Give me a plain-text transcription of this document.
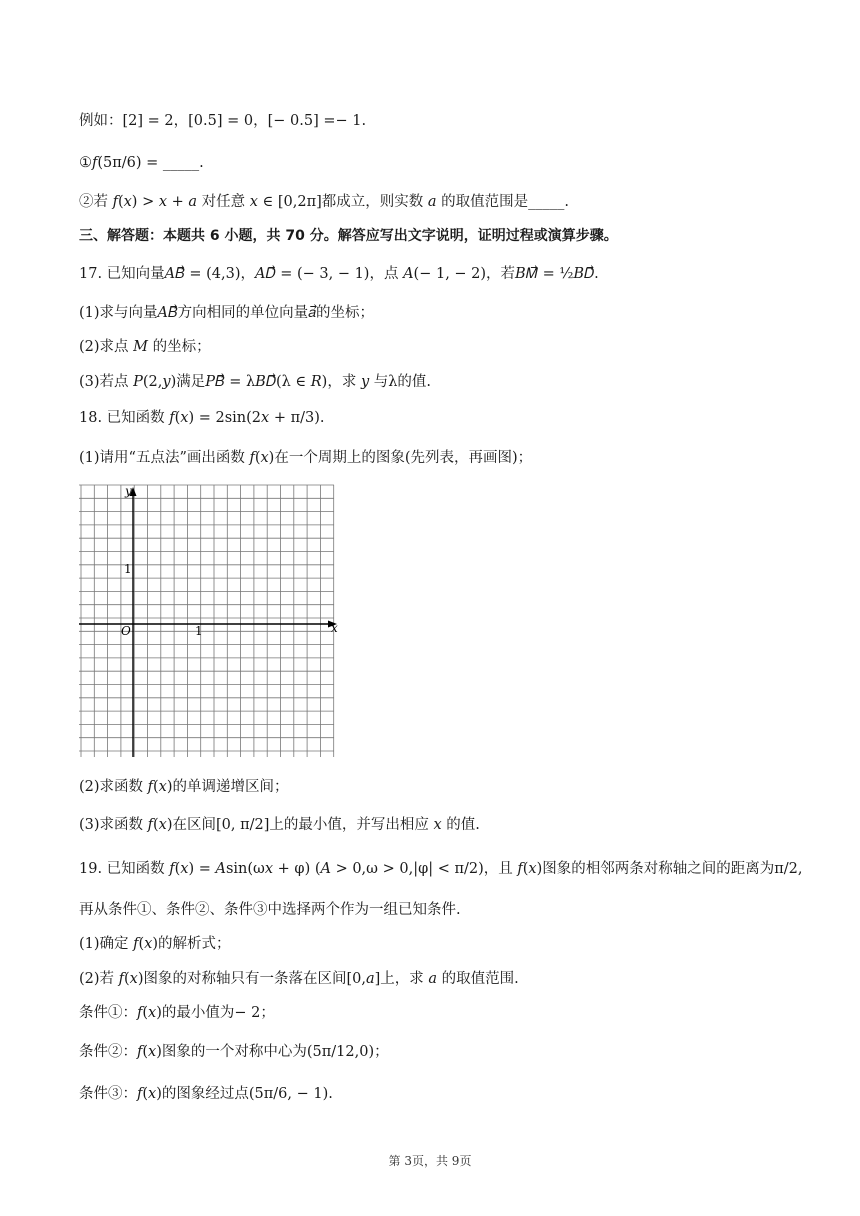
例如：[2] = 2，[0.5] = 0，[− 0.5] =− 1.
①𝑓(5π/6) = _____.
②若 𝑓(𝑥) > 𝑥 + 𝑎 对任意 𝑥 ∈ [0,2π]都成立，则实数 𝑎 的取值范围是_____.
三、解答题：本题共 6 小题，共 70 分。解答应写出文字说明，证明过程或演算步骤。
17. 已知向量𝐴𝐵⃗ = (4,3)，𝐴𝐷⃗ = (− 3, − 1)，点 𝐴(− 1, − 2)，若𝐵𝑀⃗ = ½𝐵𝐷⃗.
(1)求与向量𝐴𝐵⃗方向相同的单位向量𝑎⃗的坐标；
(2)求点 𝑀 的坐标；
(3)若点 𝑃(2,𝑦)满足𝑃𝐵⃗ = λ𝐵𝐷⃗(λ ∈ 𝑅)，求 𝑦 与λ的值.
18. 已知函数 𝑓(𝑥) = 2sin(2𝑥 + π/3).
(1)请用“五点法”画出函数 𝑓(𝑥)在一个周期上的图象(先列表，再画图)；
y
x
O
1
1
(2)求函数 𝑓(𝑥)的单调递增区间；
(3)求函数 𝑓(𝑥)在区间[0, π/2]上的最小值，并写出相应 𝑥 的值.
19. 已知函数 𝑓(𝑥) = 𝐴sin(ω𝑥 + φ) (𝐴 > 0,ω > 0,|φ| < π/2)，且 𝑓(𝑥)图象的相邻两条对称轴之间的距离为π/2,
再从条件①、条件②、条件③中选择两个作为一组已知条件.
(1)确定 𝑓(𝑥)的解析式；
(2)若 𝑓(𝑥)图象的对称轴只有一条落在区间[0,𝑎]上，求 𝑎 的取值范围.
条件①：𝑓(𝑥)的最小值为− 2；
条件②：𝑓(𝑥)图象的一个对称中心为(5π/12,0)；
条件③：𝑓(𝑥)的图象经过点(5π/6, − 1).
第 3页，共 9页
